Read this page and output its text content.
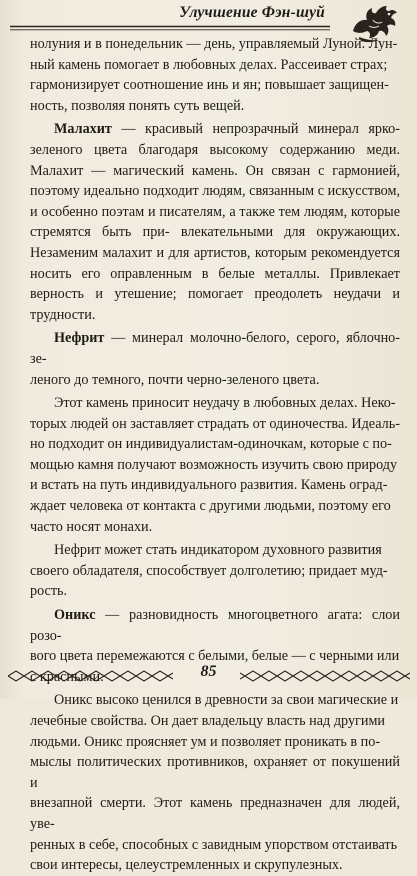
Улучшение Фэн-шуй

нолуния и в понедельник — день, управляемый Луной. Лун-
ный камень помогает в любовных делах. Рассеивает страх;
гармонизирует соотношение инь и ян; повышает защищен-
ность, позволяя понять суть вещей.

Малахит — красивый непрозрачный минерал ярко-зеленого цвета благодаря высокому содержанию меди. Малахит — магический камень. Он связан с гармонией, поэтому идеально подходит людям, связанным с искусством, и особенно поэтам и писателям, а также тем людям, которые стремятся быть при- влекательными для окружающих. Незаменим малахит и для артистов, которым рекомендуется носить его оправленным в белые металлы. Привлекает верность и утешение; помогает преодолеть неудачи и трудности.

Нефрит — минерал молочно-белого, серого, яблочно-зе-
леного до темного, почти черно-зеленого цвета.

Этот камень приносит неудачу в любовных делах. Неко-
торых людей он заставляет страдать от одиночества. Идеаль-
но подходит он индивидуалистам-одиночкам, которые с по-
мощью камня получают возможность изучить свою природу
и встать на путь индивидуального развития. Камень оград-
ждает человека от контакта с другими людьми, поэтому его
часто носят монахи.

Нефрит может стать индикатором духовного развития
своего обладателя, способствует долголетию; придает муд-
рость.

Оникс — разновидность многоцветного агата: слои розо-
вого цвета перемежаются с белыми, белые — с черными или
с красными.

Оникс высоко ценился в древности за свои магические и
лечебные свойства. Он дает владельцу власть над другими
людьми. Оникс проясняет ум и позволяет проникать в по-
мыслы политических противников, охраняет от покушений и
внезапной смерти. Этот камень предназначен для людей, уве-
ренных в себе, способных с завидным упорством отстаивать
свои интересы, целеустремленных и скрупулезных.

85
